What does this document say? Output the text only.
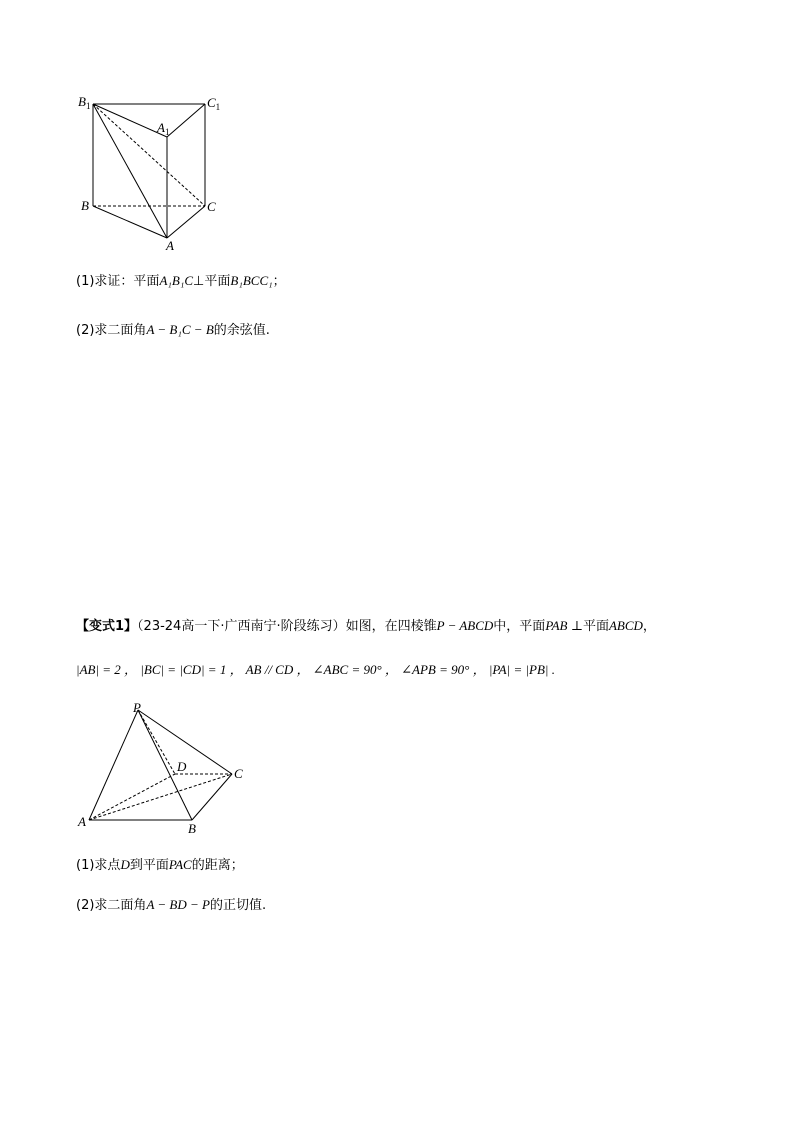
$B_1$	$C_1$
$A_1$
B	C
A
(1)求证：平面A₁B₁C⊥平面B₁BCC₁；
(2)求二面角A − B₁C − B的余弦值.
【变式1】（23-24高一下·广西南宁·阶段练习）如图，在四棱锥P − ABCD中，平面PAB ⊥平面ABCD，
|AB| = 2 ， |BC| = |CD| = 1 ， AB // CD ， ∠ABC = 90° ， ∠APB = 90° ， |PA| = |PB| .
P
D	C
A	B
(1)求点D到平面PAC的距离；
(2)求二面角A − BD − P的正切值.
